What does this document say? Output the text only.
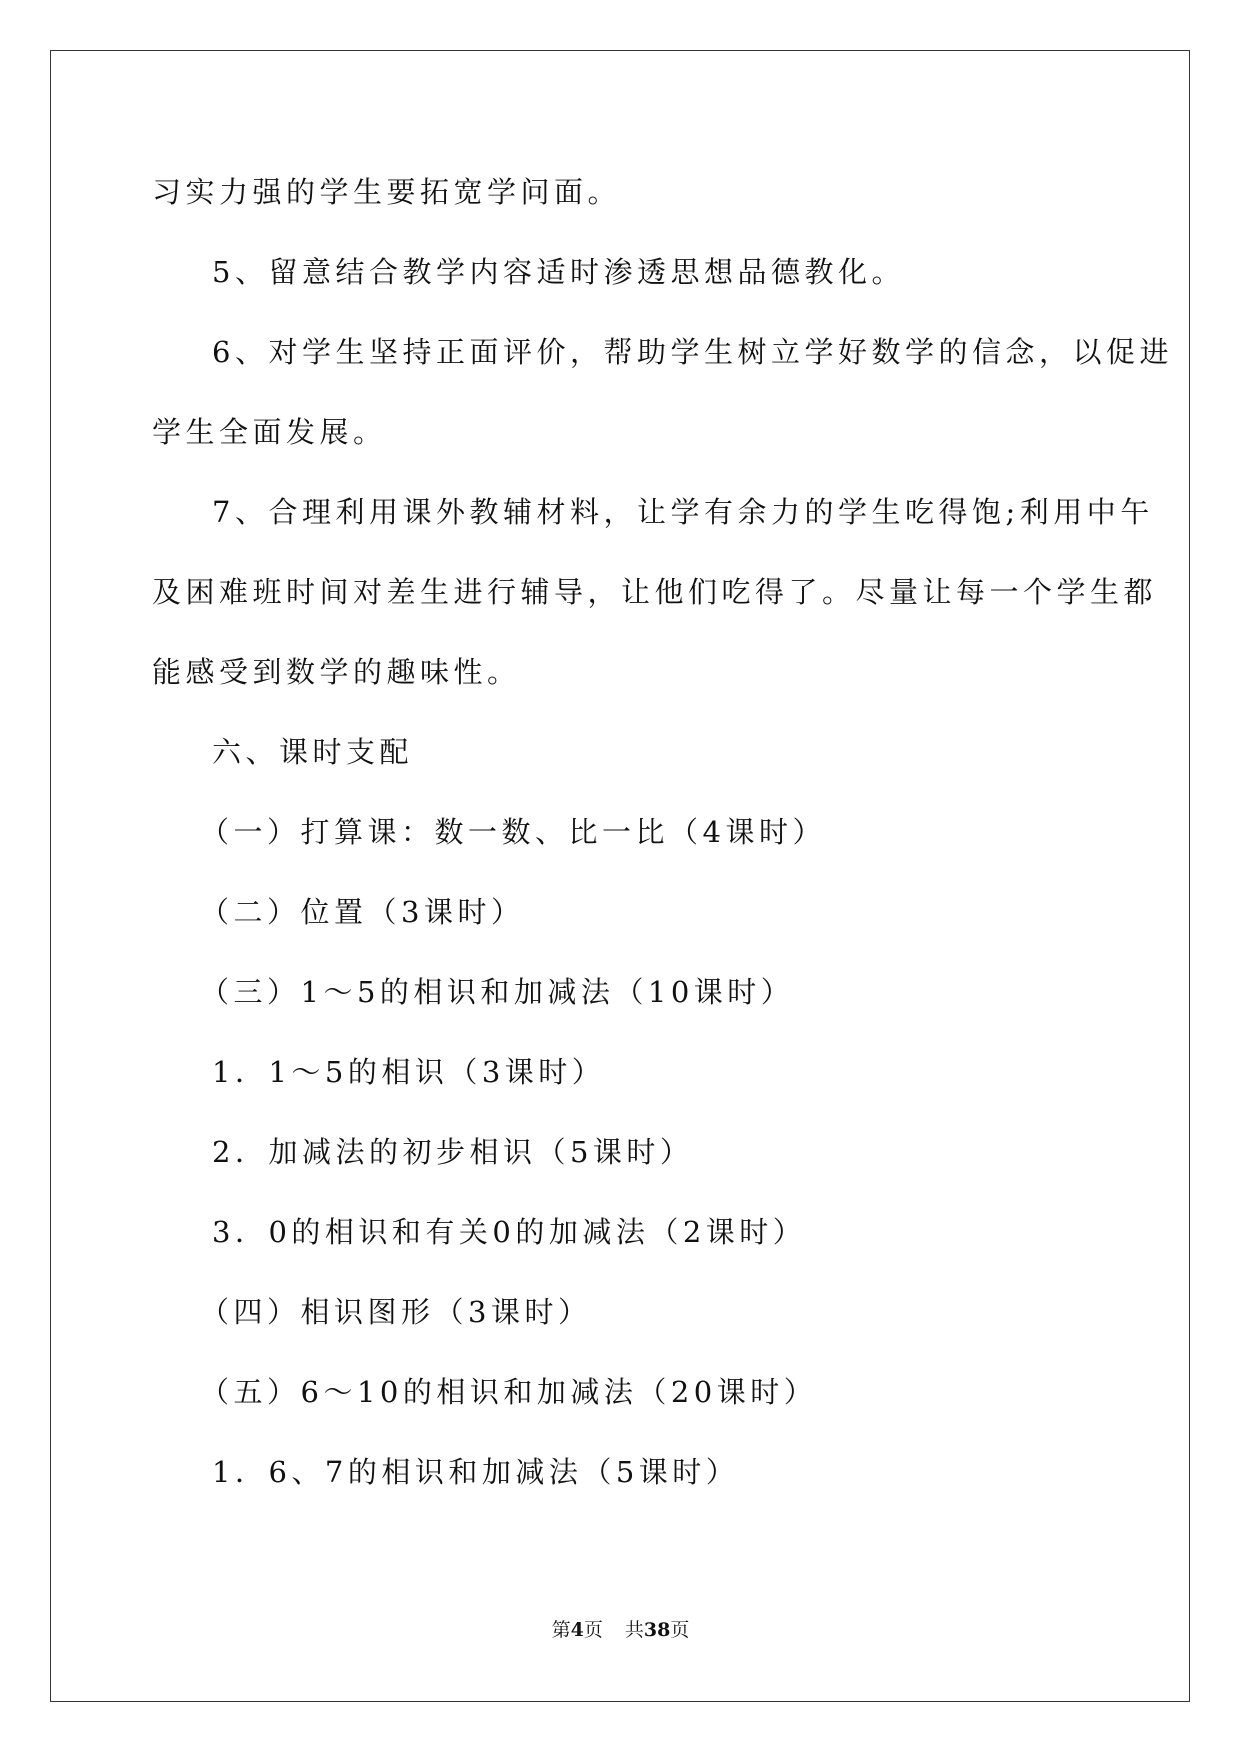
习实力强的学生要拓宽学问面。
5、留意结合教学内容适时渗透思想品德教化。
6、对学生坚持正面评价，帮助学生树立学好数学的信念，以促进
学生全面发展。
7、合理利用课外教辅材料，让学有余力的学生吃得饱;利用中午
及困难班时间对差生进行辅导，让他们吃得了。尽量让每一个学生都
能感受到数学的趣味性。
六、课时支配
（一）打算课：数一数、比一比（4课时）
（二）位置（3课时）
（三）1～5的相识和加减法（10课时）
1．1～5的相识（3课时）
2．加减法的初步相识（5课时）
3．0的相识和有关0的加减法（2课时）
（四）相识图形（3课时）
（五）6～10的相识和加减法（20课时）
1．6、7的相识和加减法（5课时）
第4页 共38页
